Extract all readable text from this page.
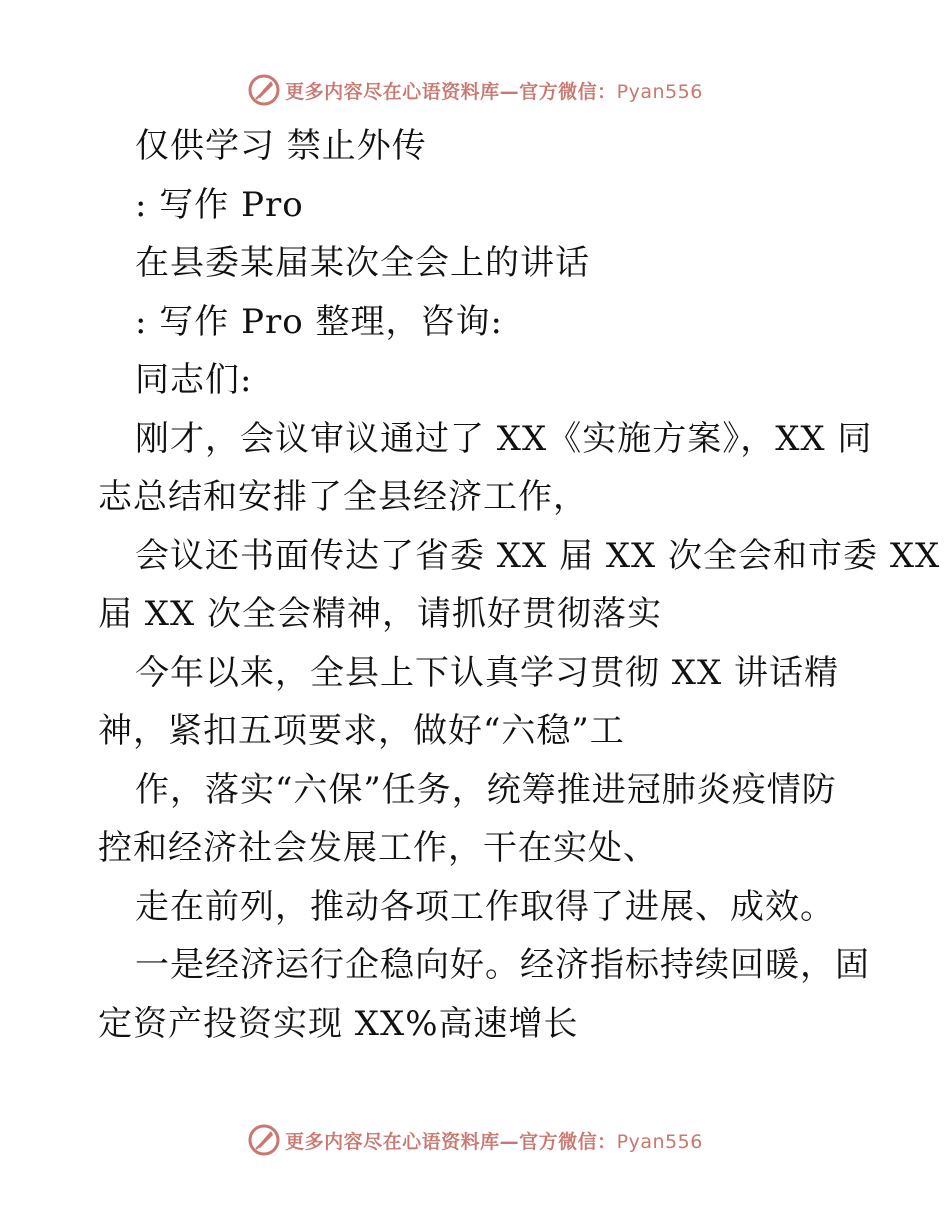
更多内容尽在心语资料库—官方微信：Pyan556
仅供学习 禁止外传
: 写作 Pro
在县委某届某次全会上的讲话
: 写作 Pro 整理，咨询:
同志们:
刚才，会议审议通过了 XX《实施方案》，XX 同
志总结和安排了全县经济工作，
会议还书面传达了省委 XX 届 XX 次全会和市委 XX
届 XX 次全会精神，请抓好贯彻落实
今年以来，全县上下认真学习贯彻 XX 讲话精
神，紧扣五项要求，做好“六稳”工
作，落实“六保”任务，统筹推进冠肺炎疫情防
控和经济社会发展工作，干在实处、
走在前列，推动各项工作取得了进展、成效。
一是经济运行企稳向好。经济指标持续回暖，固
定资产投资实现 XX%高速增长
更多内容尽在心语资料库—官方微信：Pyan556
